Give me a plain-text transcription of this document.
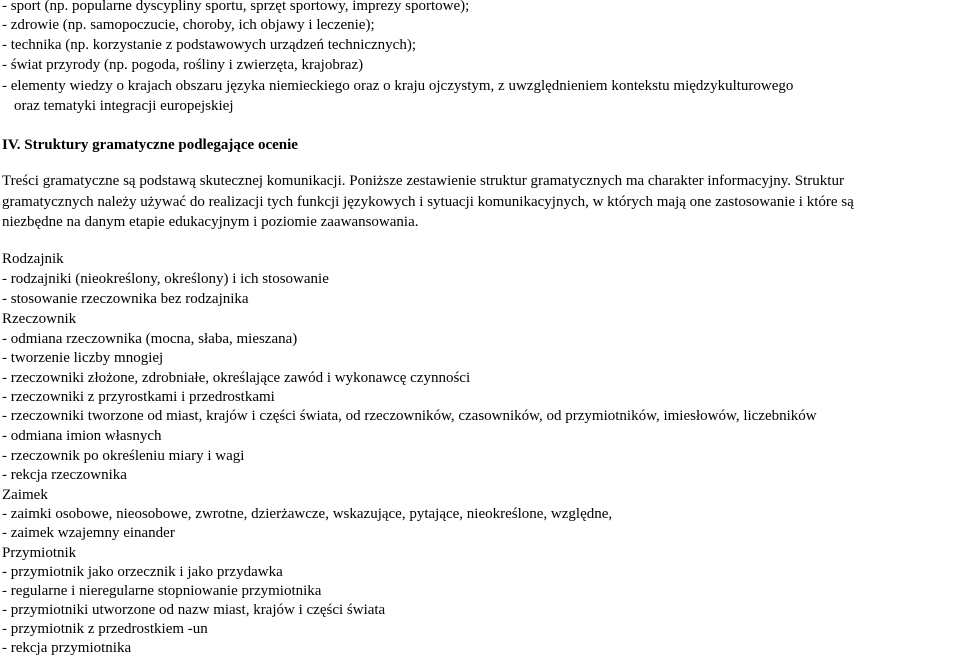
- sport (np. popularne dyscypliny sportu, sprzęt sportowy, imprezy sportowe);
- zdrowie (np. samopoczucie, choroby, ich objawy i leczenie);
- technika (np. korzystanie z podstawowych urządzeń technicznych);
- świat przyrody (np. pogoda, rośliny i zwierzęta, krajobraz)
- elementy wiedzy o krajach obszaru języka niemieckiego oraz o kraju ojczystym, z uwzględnieniem kontekstu międzykulturowego
oraz tematyki integracji europejskiej
IV. Struktury gramatyczne podlegające ocenie
Treści gramatyczne są podstawą skutecznej komunikacji. Poniższe zestawienie struktur gramatycznych ma charakter informacyjny. Struktur
gramatycznych należy używać do realizacji tych funkcji językowych i sytuacji komunikacyjnych, w których mają one zastosowanie i które są
niezbędne na danym etapie edukacyjnym i poziomie zaawansowania.
Rodzajnik
- rodzajniki (nieokreślony, określony) i ich stosowanie
- stosowanie rzeczownika bez rodzajnika
Rzeczownik
- odmiana rzeczownika (mocna, słaba, mieszana)
- tworzenie liczby mnogiej
- rzeczowniki złożone, zdrobniałe, określające zawód i wykonawcę czynności
- rzeczowniki z przyrostkami i przedrostkami
- rzeczowniki tworzone od miast, krajów i części świata, od rzeczowników, czasowników, od przymiotników, imiesłowów, liczebników
- odmiana imion własnych
- rzeczownik po określeniu miary i wagi
- rekcja rzeczownika
Zaimek
- zaimki osobowe, nieosobowe, zwrotne, dzierżawcze, wskazujące, pytające, nieokreślone, względne,
- zaimek wzajemny einander
Przymiotnik
- przymiotnik jako orzecznik i jako przydawka
- regularne i nieregularne stopniowanie przymiotnika
- przymiotniki utworzone od nazw miast, krajów i części świata
- przymiotnik z przedrostkiem -un
- rekcja przymiotnika
